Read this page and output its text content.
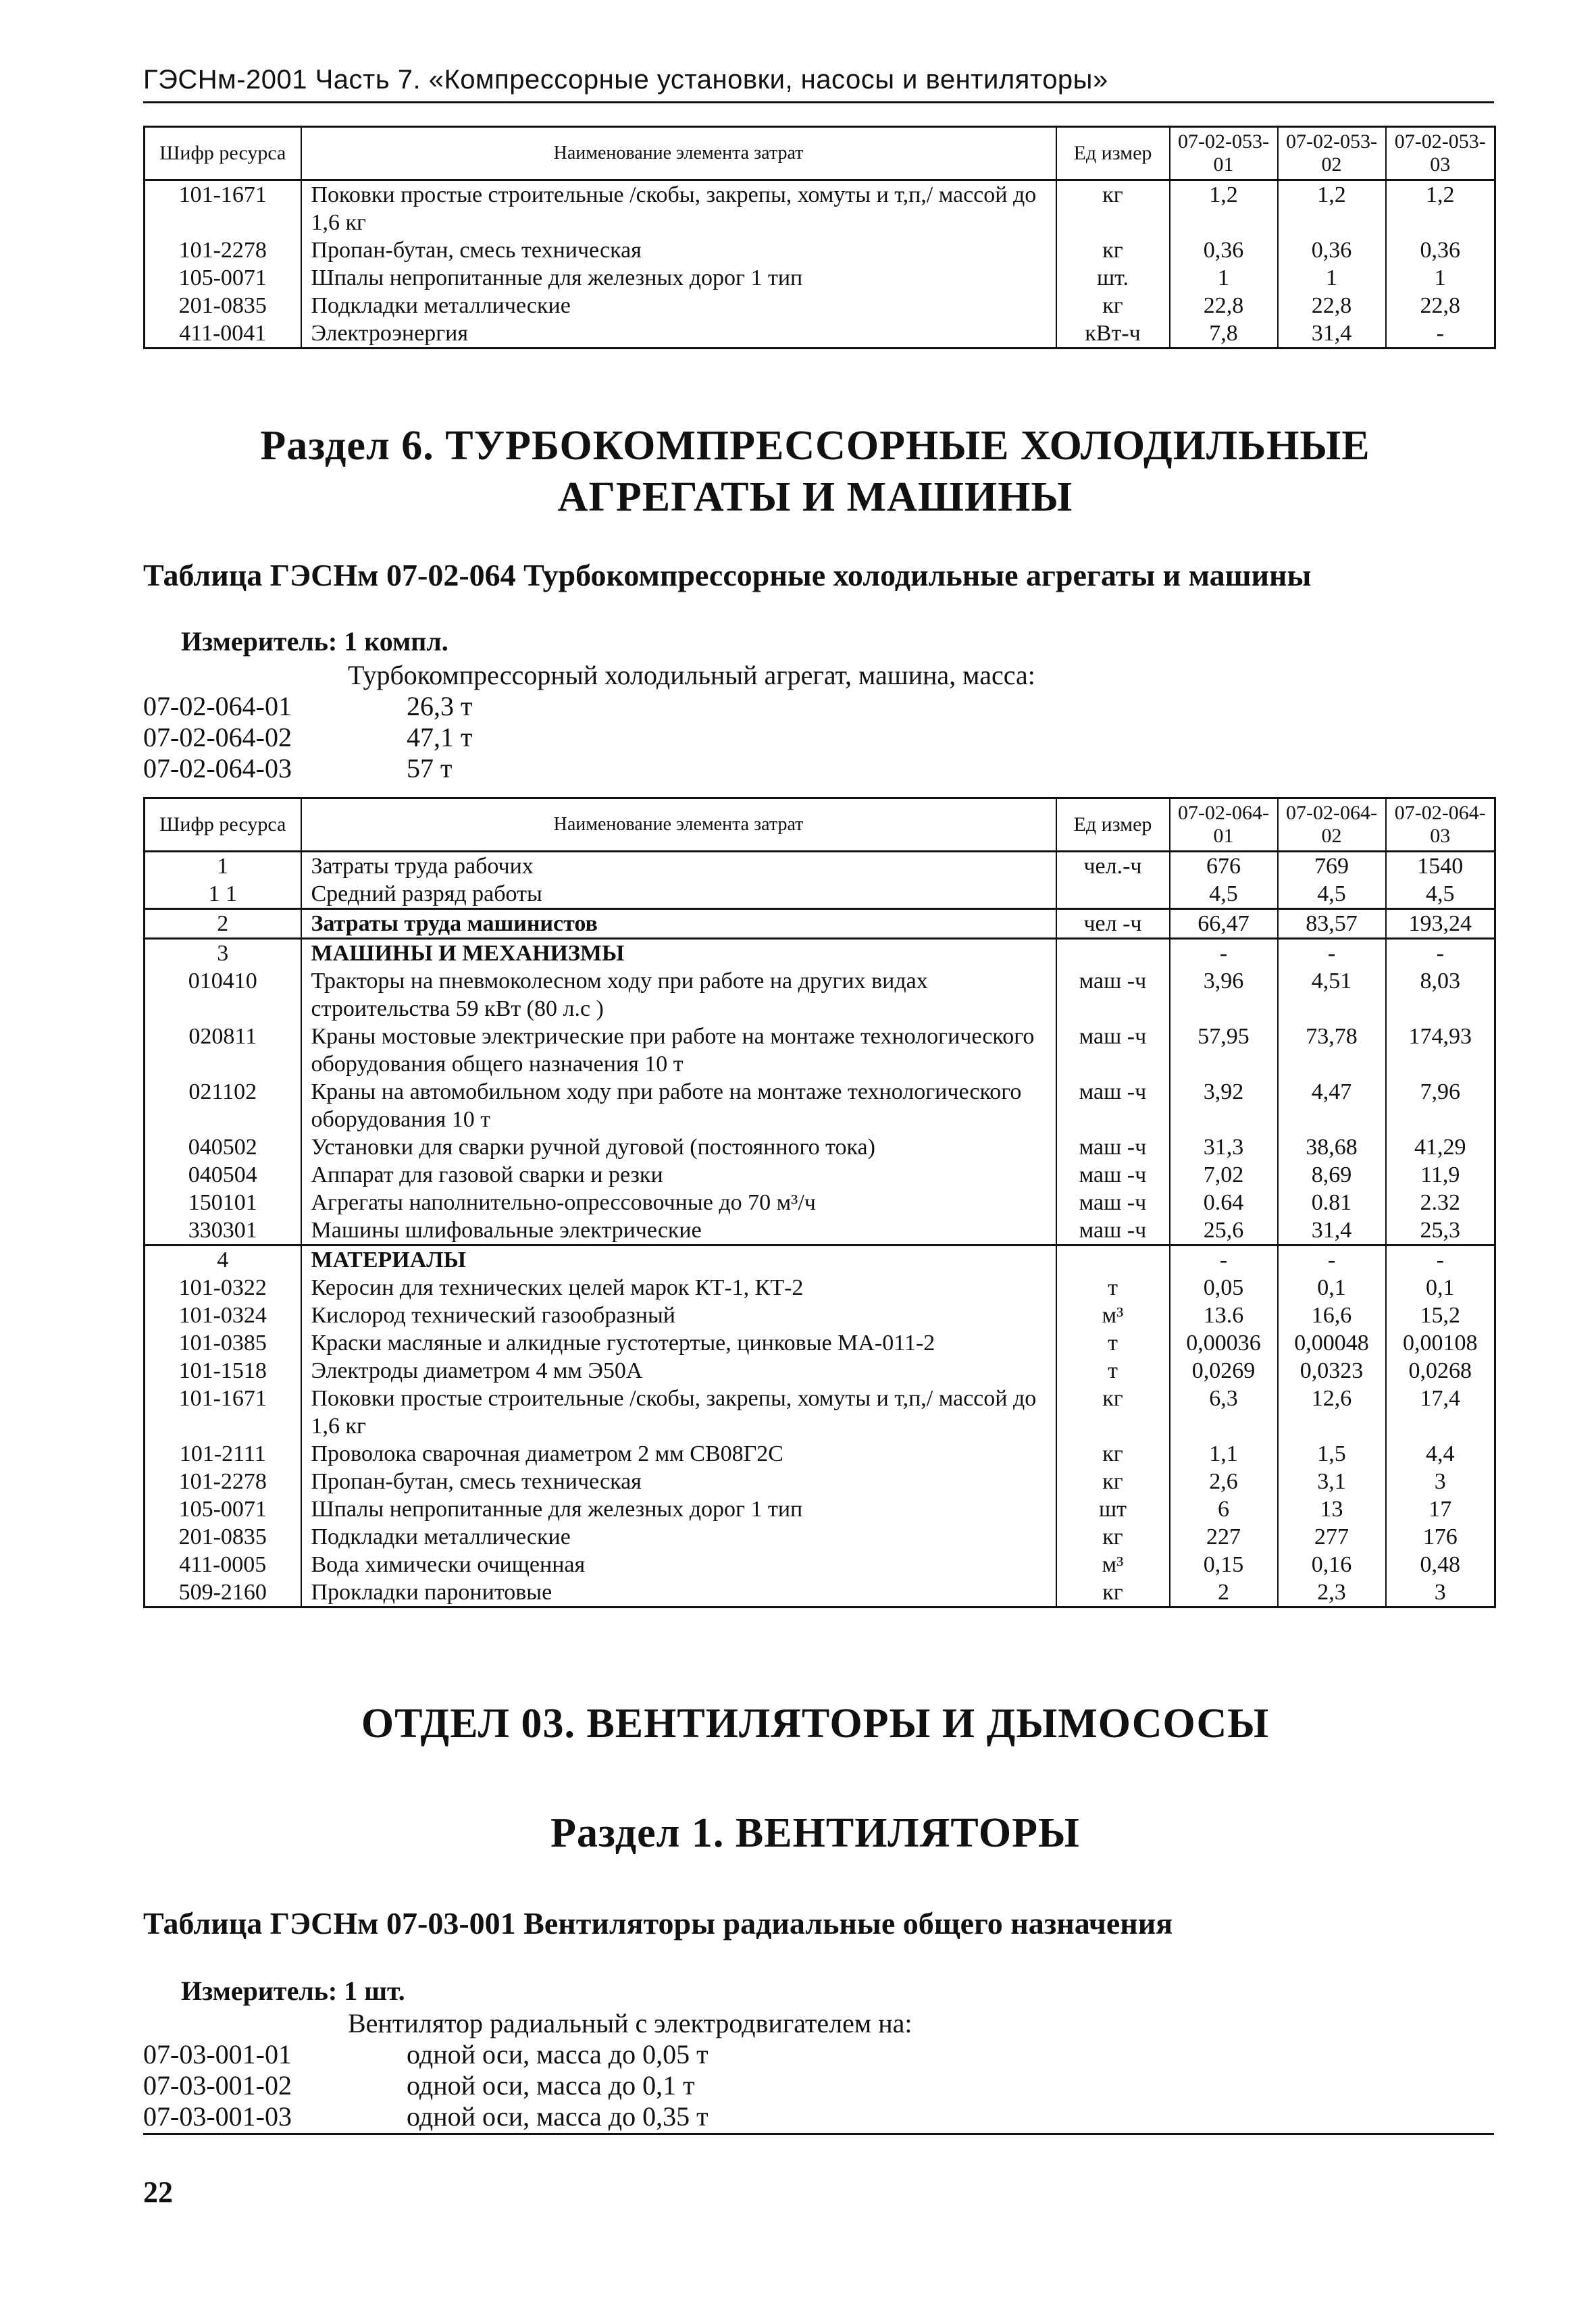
ГЭСНм-2001 Часть 7. «Компрессорные установки, насосы и вентиляторы»
Шифр ресурса	Наименование элемента затрат	Ед измер	07-02-053-01	07-02-053-02	07-02-053-03
101-1671	Поковки простые строительные /скобы, закрепы, хомуты и т,п,/ массой до 1,6 кг	кг	1,2	1,2	1,2
101-2278	Пропан-бутан, смесь техническая	кг	0,36	0,36	0,36
105-0071	Шпалы непропитанные для железных дорог 1 тип	шт.	1	1	1
201-0835	Подкладки металлические	кг	22,8	22,8	22,8
411-0041	Электроэнергия	кВт-ч	7,8	31,4	-
Раздел 6. ТУРБОКОМПРЕССОРНЫЕ ХОЛОДИЛЬНЫЕ АГРЕГАТЫ И МАШИНЫ
Таблица ГЭСНм 07-02-064 Турбокомпрессорные холодильные агрегаты и машины
Измеритель: 1 компл.
Турбокомпрессорный холодильный агрегат, машина, масса:
07-02-064-01	26,3 т
07-02-064-02	47,1 т
07-02-064-03	57 т
Шифр ресурса	Наименование элемента затрат	Ед измер	07-02-064-01	07-02-064-02	07-02-064-03
1	Затраты труда рабочих	чел.-ч	676	769	1540
1 1	Средний разряд работы		4,5	4,5	4,5
2	Затраты труда машинистов	чел -ч	66,47	83,57	193,24
3	МАШИНЫ И МЕХАНИЗМЫ		-	-	-
010410	Тракторы на пневмоколесном ходу при работе на других видах строительства 59 кВт (80 л.с )	маш -ч	3,96	4,51	8,03
020811	Краны мостовые электрические при работе на монтаже технологического оборудования общего назначения 10 т	маш -ч	57,95	73,78	174,93
021102	Краны на автомобильном ходу при работе на монтаже технологического оборудования 10 т	маш -ч	3,92	4,47	7,96
040502	Установки для сварки ручной дуговой (постоянного тока)	маш -ч	31,3	38,68	41,29
040504	Аппарат для газовой сварки и резки	маш -ч	7,02	8,69	11,9
150101	Агрегаты наполнительно-опрессовочные до 70 м³/ч	маш -ч	0.64	0.81	2.32
330301	Машины шлифовальные электрические	маш -ч	25,6	31,4	25,3
4	МАТЕРИАЛЫ		-	-	-
101-0322	Керосин для технических целей марок КТ-1, КТ-2	т	0,05	0,1	0,1
101-0324	Кислород технический газообразный	м³	13.6	16,6	15,2
101-0385	Краски масляные и алкидные густотертые, цинковые МА-011-2	т	0,00036	0,00048	0,00108
101-1518	Электроды диаметром 4 мм Э50А	т	0,0269	0,0323	0,0268
101-1671	Поковки простые строительные /скобы, закрепы, хомуты и т,п,/ массой до 1,6 кг	кг	6,3	12,6	17,4
101-2111	Проволока сварочная диаметром 2 мм СВ08Г2С	кг	1,1	1,5	4,4
101-2278	Пропан-бутан, смесь техническая	кг	2,6	3,1	3
105-0071	Шпалы непропитанные для железных дорог 1 тип	шт	6	13	17
201-0835	Подкладки металлические	кг	227	277	176
411-0005	Вода химически очищенная	м³	0,15	0,16	0,48
509-2160	Прокладки паронитовые	кг	2	2,3	3
ОТДЕЛ 03. ВЕНТИЛЯТОРЫ И ДЫМОСОСЫ
Раздел 1. ВЕНТИЛЯТОРЫ
Таблица ГЭСНм 07-03-001 Вентиляторы радиальные общего назначения
Измеритель: 1 шт.
Вентилятор радиальный с электродвигателем на:
07-03-001-01	одной оси, масса до 0,05 т
07-03-001-02	одной оси, масса до 0,1 т
07-03-001-03	одной оси, масса до 0,35 т
22
